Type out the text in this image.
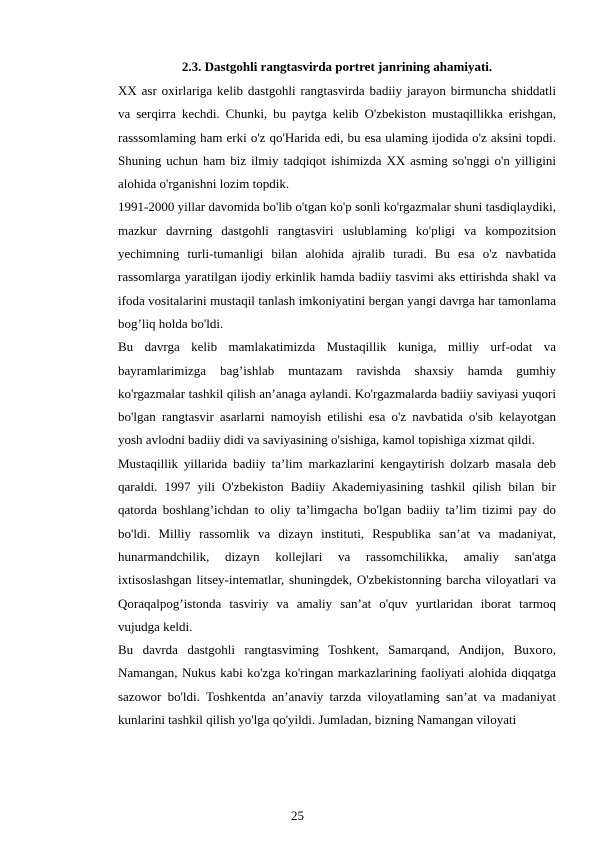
2.3. Dastgohli rangtasvirda portret janrining ahamiyati.

XX asr oxirlariga kelib dastgohli rangtasvirda badiiy jarayon birmuncha shiddatli va serqirra kechdi. Chunki, bu paytga kelib O'zbekiston mustaqillikka erishgan, rasssomlaming ham erki o'z qo'Harida edi, bu esa ulaming ijodida o'z aksini topdi. Shuning uchun ham biz ilmiy tadqiqot ishimizda XX asming so'nggi o'n yilligini alohida o'rganishni lozim topdik.

1991-2000 yillar davomida bo'lib o'tgan ko'p sonli ko'rgazmalar shuni tasdiqlaydiki, mazkur davrning dastgohli rangtasviri uslublaming ko'pligi va kompozitsion yechimning turli-tumanligi bilan alohida ajralib turadi. Bu esa o'z navbatida rassomlarga yaratilgan ijodiy erkinlik hamda badiiy tasvimi aks ettirishda shakl va ifoda vositalarini mustaqil tanlash imkoniyatini bergan yangi davrga har tamonlama bog’liq holda bo'ldi.

Bu davrga kelib mamlakatimizda Mustaqillik kuniga, milliy urf-odat va bayramlarimizga bag’ishlab muntazam ravishda shaxsiy hamda gumhiy ko'rgazmalar tashkil qilish an’anaga aylandi. Ko'rgazmalarda badiiy saviyasi yuqori bo'lgan rangtasvir asarlarni namoyish etilishi esa o'z navbatida o'sib kelayotgan yosh avlodni badiiy didi va saviyasining o'sishiga, kamol topishiga xizmat qildi.

Mustaqillik yillarida badiiy ta’lim markazlarini kengaytirish dolzarb masala deb qaraldi. 1997 yili O'zbekiston Badiiy Akademiyasining tashkil qilish bilan bir qatorda boshlang’ichdan to oliy ta’limgacha bo'lgan badiiy ta’lim tizimi pay do bo'ldi. Milliy rassomlik va dizayn instituti, Respublika san’at va madaniyat, hunarmandchilik, dizayn kollejlari va rassomchilikka, amaliy san'atga ixtisoslashgan litsey-intematlar, shuningdek, O'zbekistonning barcha viloyatlari va Qoraqalpog’istonda tasviriy va amaliy san’at o'quv yurtlaridan iborat tarmoq vujudga keldi.

Bu davrda dastgohli rangtasviming Toshkent, Samarqand, Andijon, Buxoro, Namangan, Nukus kabi ko'zga ko'ringan markazlarining faoliyati alohida diqqatga sazowor bo'ldi. Toshkentda an’anaviy tarzda viloyatlaming san’at va madaniyat kunlarini tashkil qilish yo'lga qo'yildi. Jumladan, bizning Namangan viloyati

25
